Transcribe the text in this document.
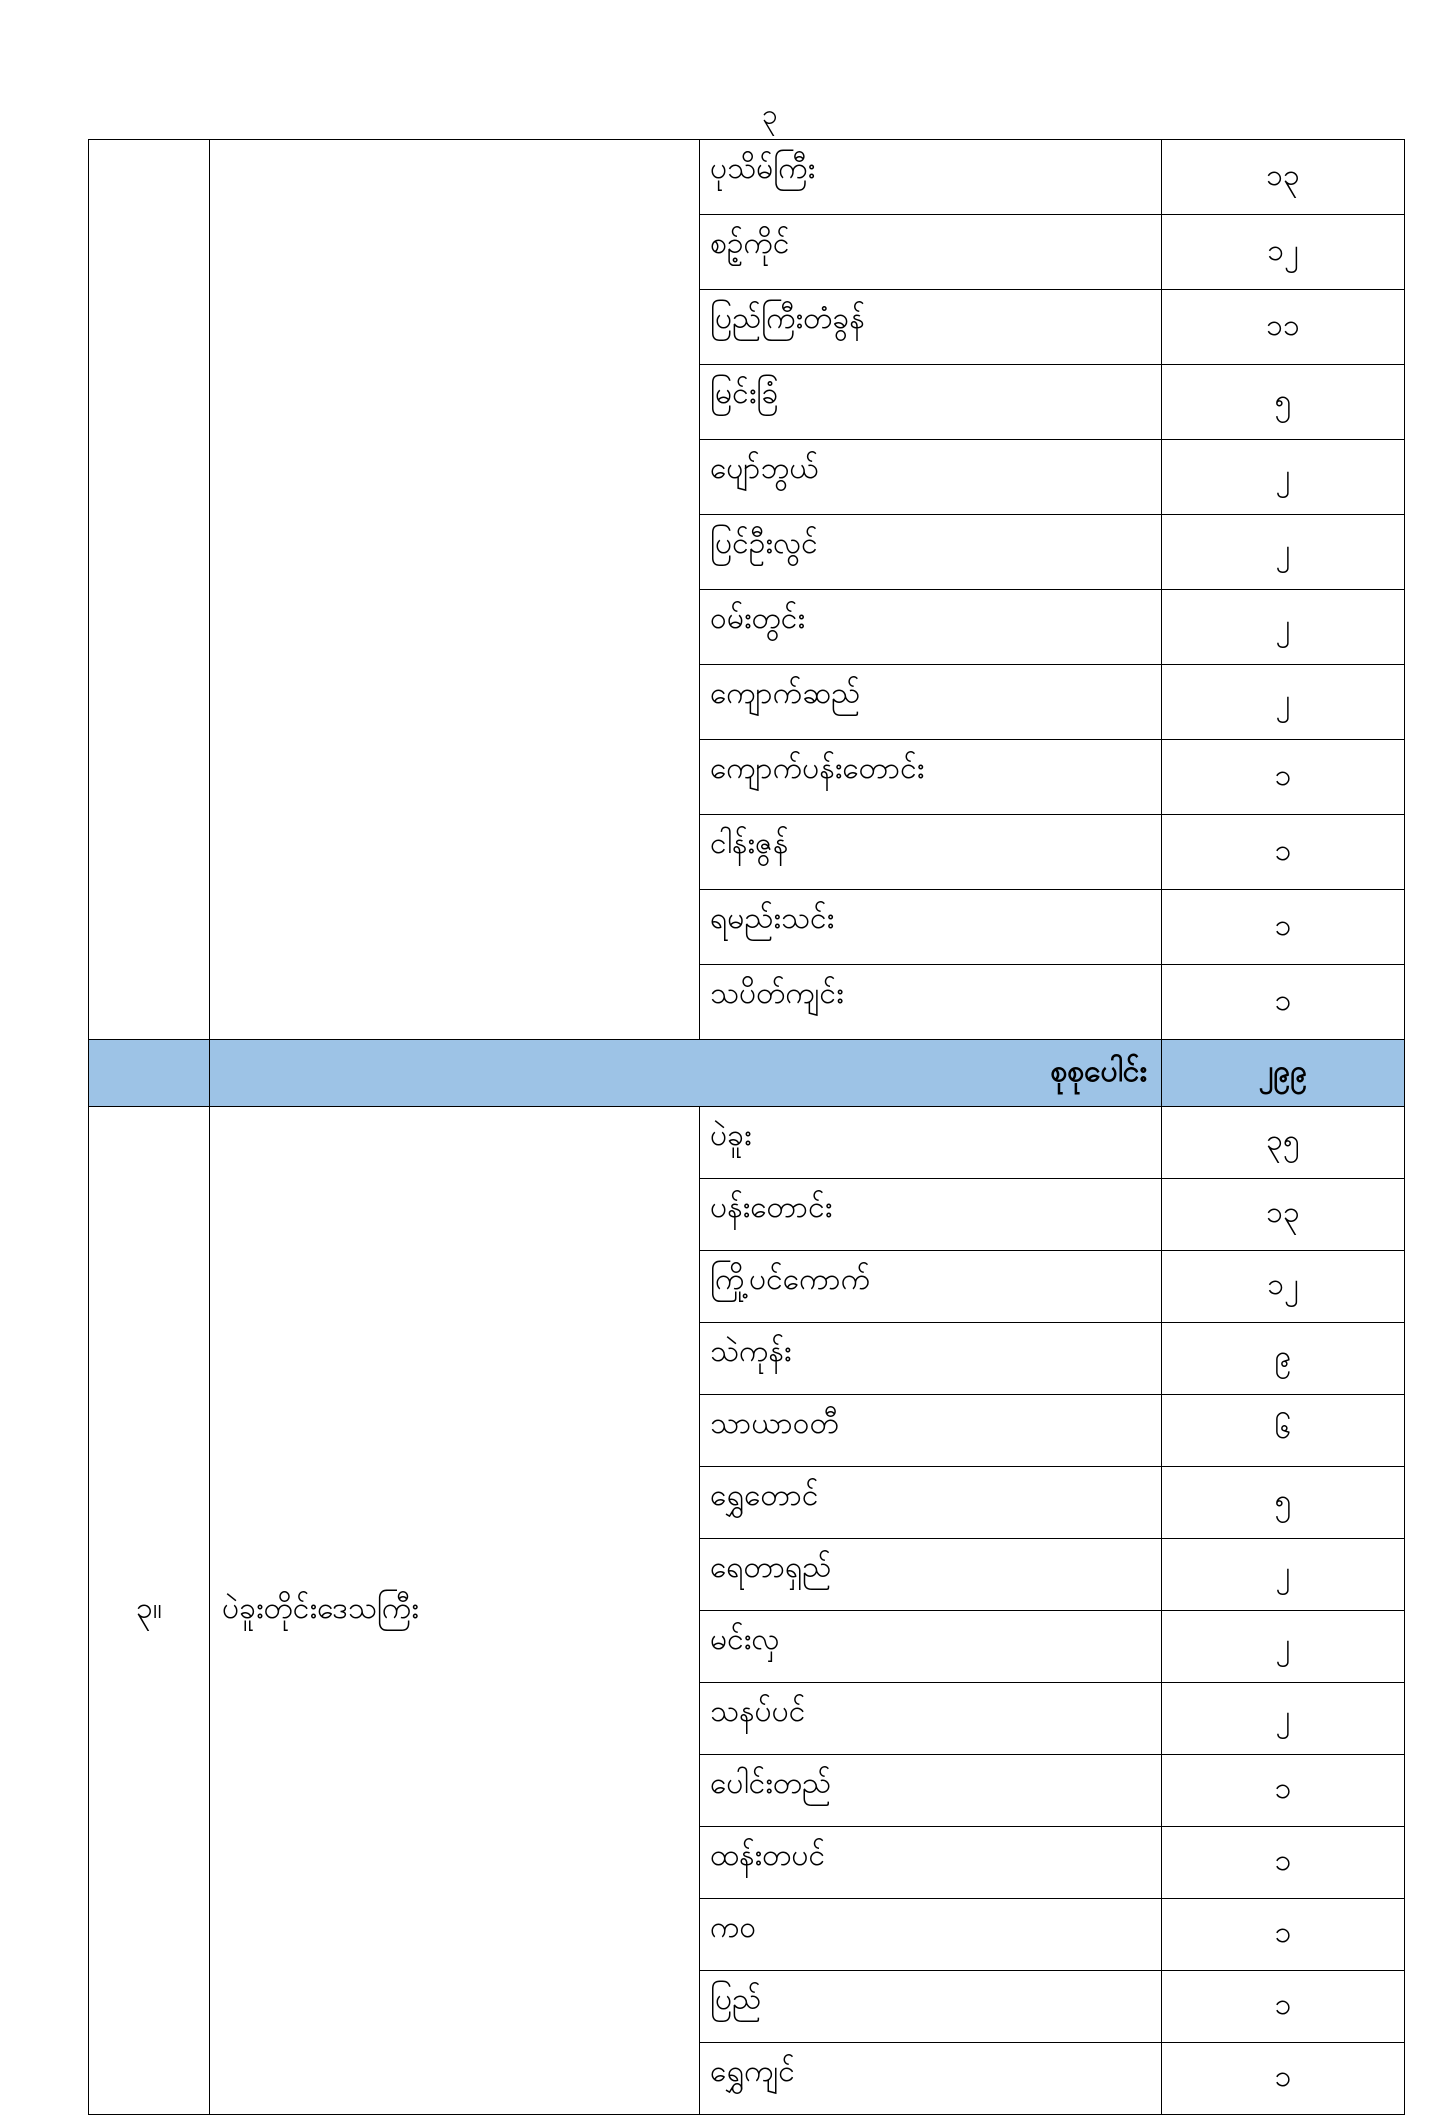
၃
		ပုသိမ်ကြီး	၁၃
		စဉ့်ကိုင်	၁၂
		ပြည်ကြီးတံခွန်	၁၁
		မြင်းခြံ	၅
		ပျော်ဘွယ်	၂
		ပြင်ဦးလွင်	၂
		ဝမ်းတွင်း	၂
		ကျောက်ဆည်	၂
		ကျောက်ပန်းတောင်း	၁
		ငါန်းဇွန်	၁
		ရမည်းသင်း	၁
		သပိတ်ကျင်း	၁
	စုစုပေါင်း		၂၉၉
၃။	ပဲခူးတိုင်းဒေသကြီး	ပဲခူး	၃၅
		ပန်းတောင်း	၁၃
		ကြို့ပင်ကောက်	၁၂
		သဲကုန်း	၉
		သာယာဝတီ	၆
		ရွှေတောင်	၅
		ရေတာရှည်	၂
		မင်းလှ	၂
		သနပ်ပင်	၂
		ပေါင်းတည်	၁
		ထန်းတပင်	၁
		ကဝ	၁
		ပြည်	၁
		ရွှေကျင်	၁
